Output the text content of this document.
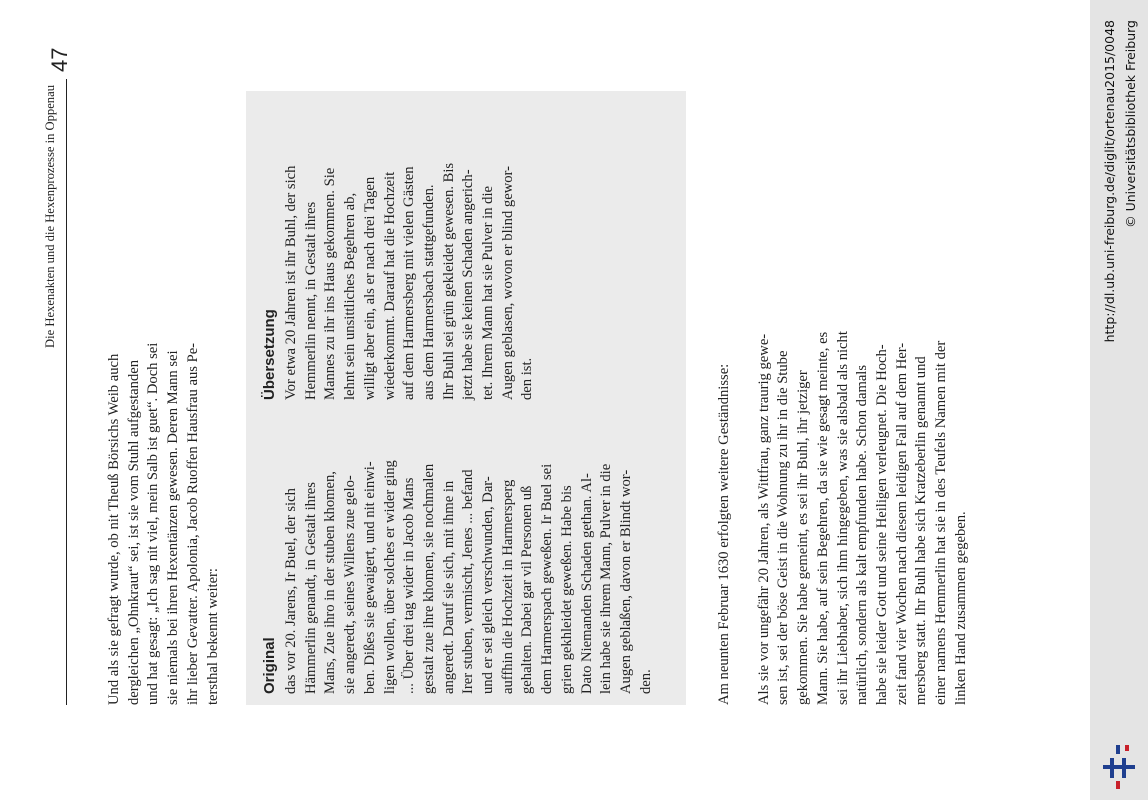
Die Hexenakten und die Hexenprozesse in Oppenau
47
Und als sie gefragt wurde, ob nit Theuß Börsichs Weib auch dergleichen „Ohnkraut“ sei, ist sie vom Stuhl aufgestanden und hat gesagt: „Ich sag nit viel, mein Salb ist guet“. Doch sei sie niemals bei ihren Hexentänzen gewesen. Deren Mann sei ihr lieber Gevatter. Apolonia, Jacob Ruoffen Hausfrau aus Pe- tersthal bekennt weiter:	Original
Übersetzung
das vor 20. Jarens, Ir Buel, der sich Hämmerlin genandt, in Gestalt ihres Mans, Zue ihro in der stuben khomen, sie angeredt, seines Willens zue gelo- ben. Dißes sie gewaigert, und nit einwi- ligen wollen, über solches er wider ging ... Über drei tag wider in Jacob Mans gestalt zue ihre khomen, sie nochmalen angeredt. Daruf sie sich, mit ihme in Irer stuben, vermischt, Jenes ... befand und er sei gleich verschwunden, Dar- auffhin die Hochzeit in Harmersperg gehalten. Dabei gar vil Personen uß dem Harmerspach geweßen. Ir Buel sei grien gekhleidet geweßen. Habe bis Dato Niemanden Schaden gethan. Al- lein habe sie ihrem Mann, Pulver in die Augen geblaßen, davon er Blindt wor- den.
Vor etwa 20 Jahren ist ihr Buhl, der sich Hemmerlin nennt, in Gestalt ihres Mannes zu ihr ins Haus gekommen. Sie lehnt sein unsittliches Begehren ab, willigt aber ein, als er nach drei Tagen wiederkommt. Darauf hat die Hochzeit auf dem Harmersberg mit vielen Gästen aus dem Harmersbach stattgefunden. Ihr Buhl sei grün gekleidet gewesen. Bis jetzt habe sie keinen Schaden angerich- tet. Ihrem Mann hat sie Pulver in die Augen geblasen, wovon er blind gewor- den ist.	Am neunten Februar 1630 erfolgten weitere Geständnisse: Als sie vor ungefähr 20 Jahren, als Wittfrau, ganz traurig gewe- sen ist, sei der böse Geist in die Wohnung zu ihr in die Stube gekommen. Sie habe gemeint, es sei ihr Buhl, ihr jetziger Mann. Sie habe, auf sein Begehren, da sie wie gesagt meinte, es sei ihr Liebhaber, sich ihm hingegeben, was sie alsbald als nicht natürlich, sondern als kalt empfunden habe. Schon damals habe sie leider Gott und seine Heiligen verleugnet. Die Hoch- zeit fand vier Wochen nach diesem leidigen Fall auf dem Her- mersberg statt. Ihr Buhl habe sich Kratzeberlin genannt und einer namens Hemmerlin hat sie in des Teufels Namen mit der linken Hand zusammen gegeben.
http://dl.ub.uni-freiburg.de/diglit/ortenau2015/0048 © Universitätsbibliothek Freiburg
